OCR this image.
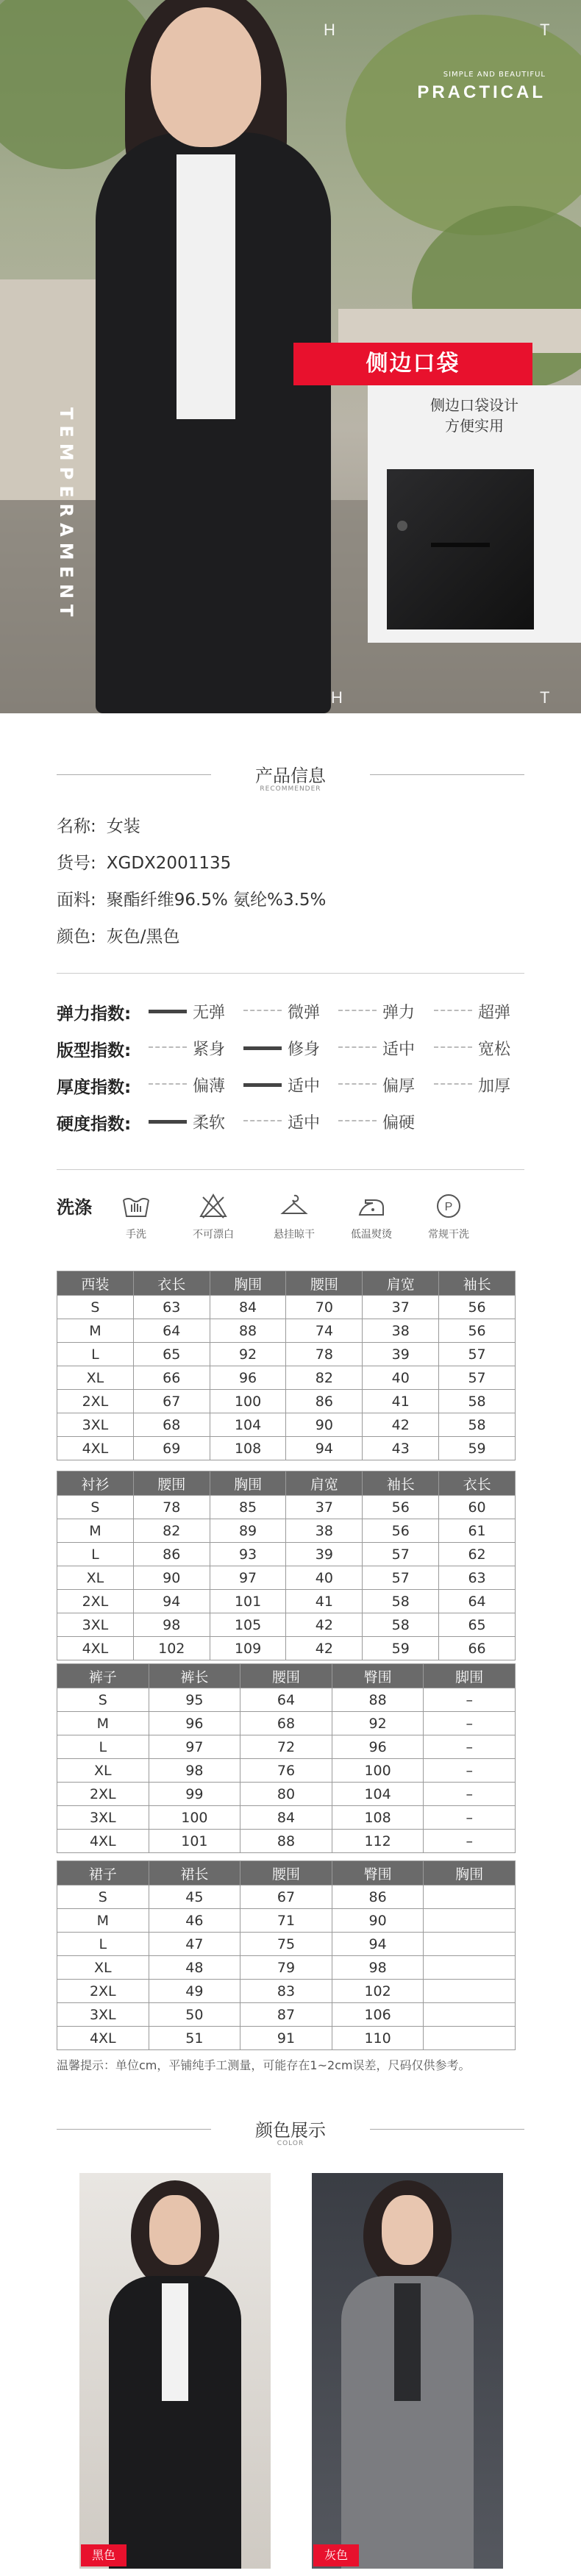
H	T
H	T
SIMPLE AND BEAUTIFUL
PRACTICAL
TEMPERAMENT
侧边口袋
侧边口袋设计
方便实用
产品信息
RECOMMENDER
名称: 女装
货号: XGDX2001135
面料: 聚酯纤维96.5% 氨纶%3.5%
颜色: 灰色/黑色
弹力指数:	无弹	微弹	弹力	超弹
版型指数:	紧身	修身	适中	宽松
厚度指数:	偏薄	适中	偏厚	加厚
硬度指数:	柔软	适中	偏硬
洗涤
手洗	不可漂白	悬挂晾干	低温熨烫
P
常规干洗
西装	衣长	胸围	腰围	肩宽	袖长
S	63	84	70	37	56
M	64	88	74	38	56
L	65	92	78	39	57
XL	66	96	82	40	57
2XL	67	100	86	41	58
3XL	68	104	90	42	58
4XL	69	108	94	43	59
衬衫	腰围	胸围	肩宽	袖长	衣长
S	78	85	37	56	60
M	82	89	38	56	61
L	86	93	39	57	62
XL	90	97	40	57	63
2XL	94	101	41	58	64
3XL	98	105	42	58	65
4XL	102	109	42	59	66
裤子	裤长	腰围	臀围	脚围
S	95	64	88	–
M	96	68	92	–
L	97	72	96	–
XL	98	76	100	–
2XL	99	80	104	–
3XL	100	84	108	–
4XL	101	88	112	–
裙子	裙长	腰围	臀围	胸围
S	45	67	86	
M	46	71	90	
L	47	75	94	
XL	48	79	98	
2XL	49	83	102	
3XL	50	87	106	
4XL	51	91	110	
温馨提示：单位cm，平铺纯手工测量，可能存在1~2cm误差，尺码仅供参考。
颜色展示
COLOR
黑色	灰色
